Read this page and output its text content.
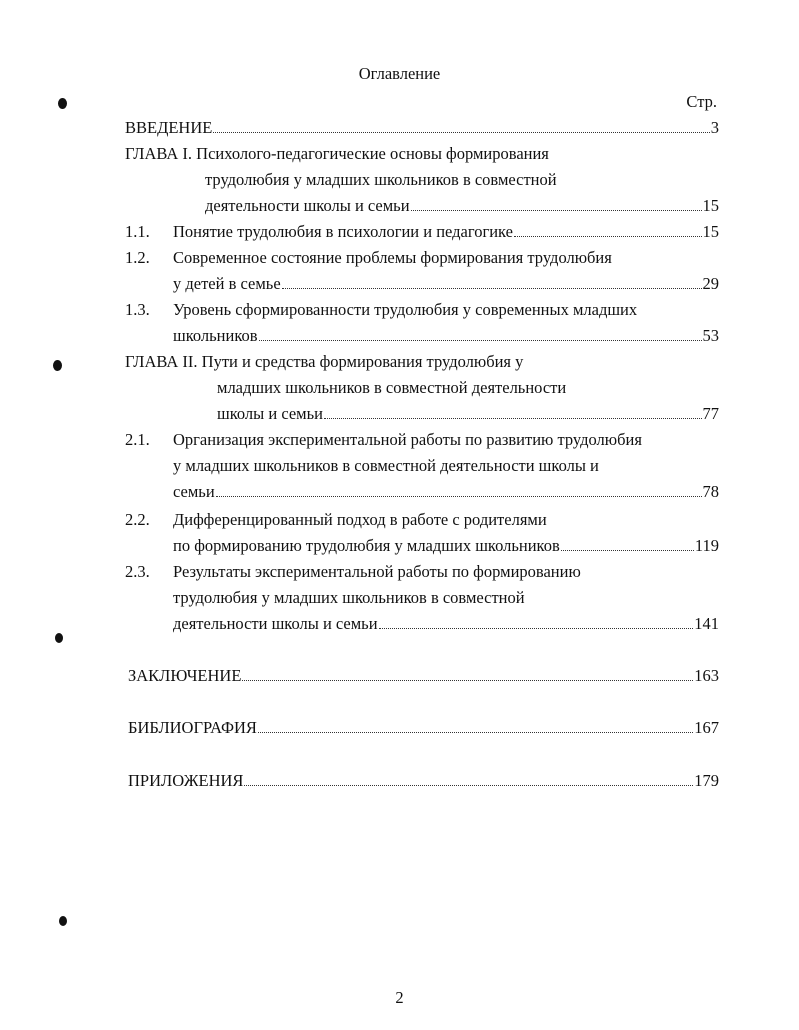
Оглавление
Стр.
ВВЕДЕНИЕ	3
ГЛАВА I. Психолого-педагогические основы формирования
трудолюбия у младших школьников в совместной
деятельности школы и семьи	15
1.1. Понятие трудолюбия в психологии и педагогике	15
1.2. Современное состояние проблемы формирования трудолюбия
у детей в семье	29
1.3. Уровень сформированности трудолюбия у современных младших
школьников	53
ГЛАВА II. Пути и средства формирования трудолюбия у
младших школьников в совместной деятельности
школы и семьи	77
2.1. Организация экспериментальной работы по развитию трудолюбия
у младших школьников в совместной деятельности школы и
семьи	78
2.2. Дифференцированный подход в работе с родителями
по формированию трудолюбия у младших школьников	119
2.3. Результаты экспериментальной работы по формированию
трудолюбия у младших школьников в совместной
деятельности школы и семьи	141
ЗАКЛЮЧЕНИЕ	163
БИБЛИОГРАФИЯ	167
ПРИЛОЖЕНИЯ	179
2
